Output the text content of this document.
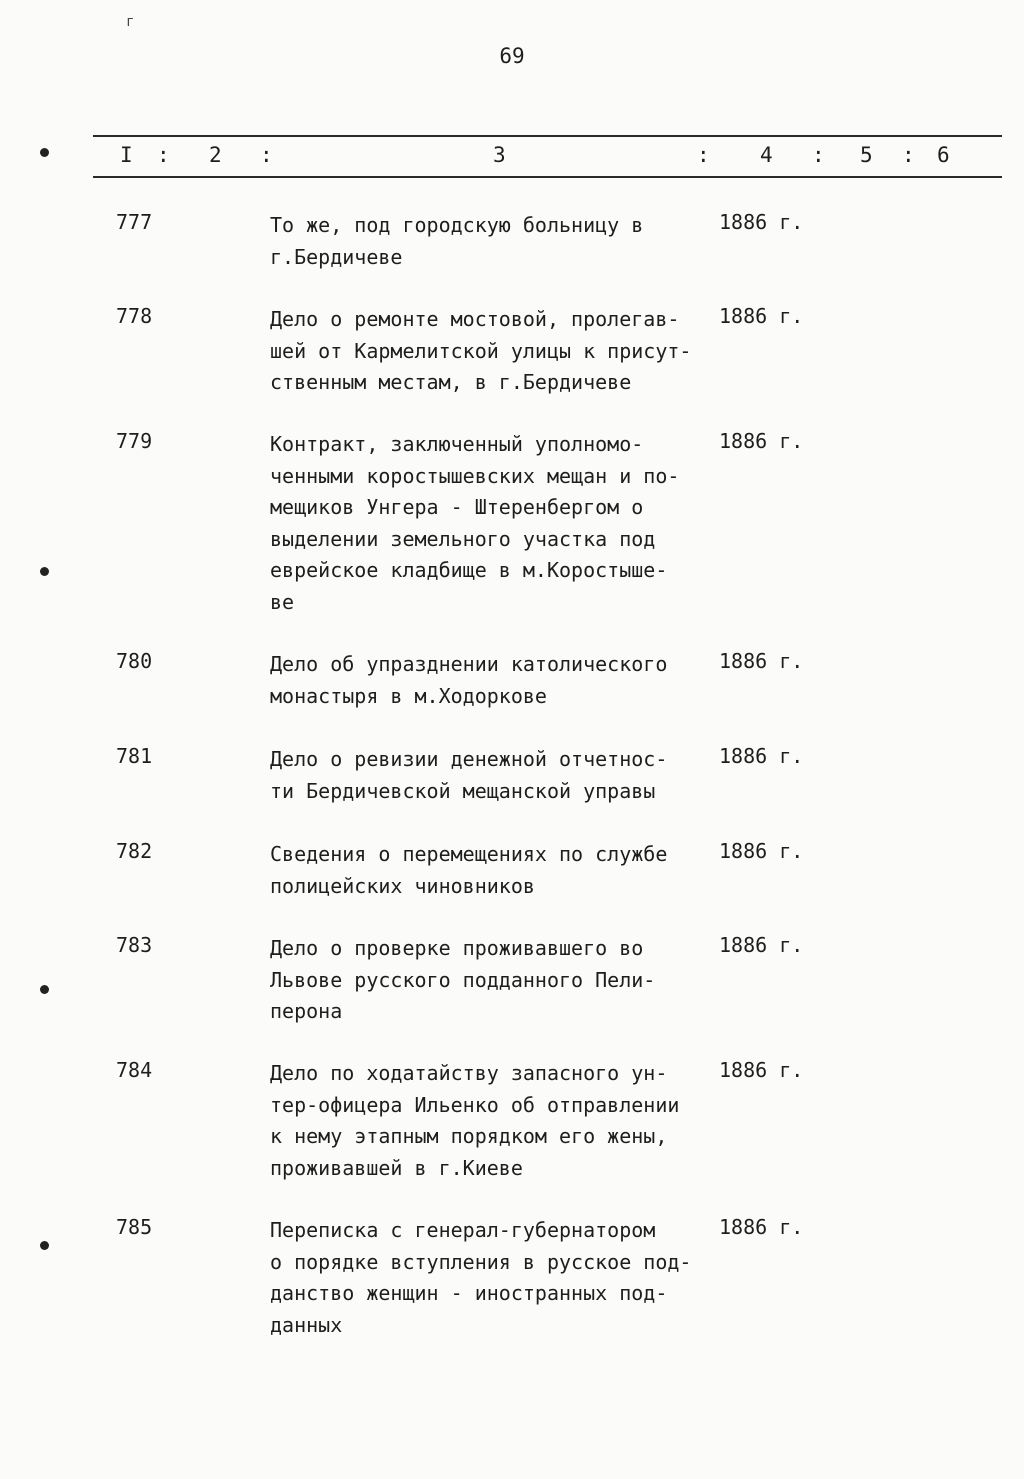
г
69
I : 2 :	3	: 4 : 5 : 6
777	То же, под городскую больницу в
г.Бердичеве
1886 г.
778	Дело о ремонте мостовой, пролегав-
шей от Кармелитской улицы к присут-
ственным местам, в г.Бердичеве
1886 г.
779	Контракт, заключенный уполномо-
ченными коростышевских мещан и по-
мещиков Унгера - Штеренбергом о
выделении земельного участка под
еврейское кладбище в м.Коростыше-
ве
1886 г.
780	Дело об упразднении католического
монастыря в м.Ходоркове
1886 г.
781	Дело о ревизии денежной отчетнос-
ти Бердичевской мещанской управы
1886 г.
782	Сведения о перемещениях по службе
полицейских чиновников
1886 г.
783	Дело о проверке проживавшего во
Львове русского подданного Пели-
перона
1886 г.
784	Дело по ходатайству запасного ун-
тер-офицера Ильенко об отправлении
к нему этапным порядком его жены,
проживавшей в г.Киеве
1886 г.
785	Переписка с генерал-губернатором
о порядке вступления в русское под-
данство женщин - иностранных под-
данных
1886 г.
